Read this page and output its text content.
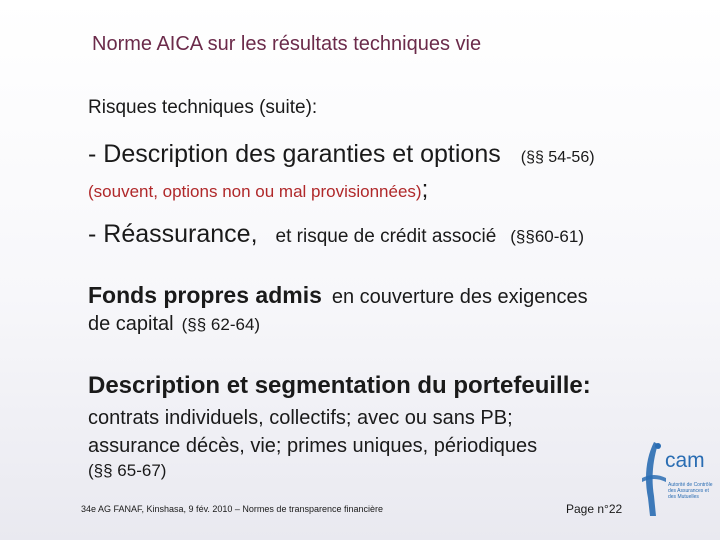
Norme AICA sur les résultats techniques vie
Risques techniques (suite):
- Description des garanties et options (§§ 54-56)
(souvent, options non ou mal provisionnées);
- Réassurance, et risque de crédit associé (§§60-61)
Fonds propres admis en couverture des exigences
de capital (§§ 62-64)
Description et segmentation du portefeuille:
contrats individuels, collectifs; avec ou sans PB;
assurance décès, vie; primes uniques, périodiques
(§§ 65-67)
34e AG FANAF, Kinshasa, 9 fév. 2010 – Normes de transparence financière	Page n°22
cam
Autorité de Contrôle des Assurances et des Mutuelles
